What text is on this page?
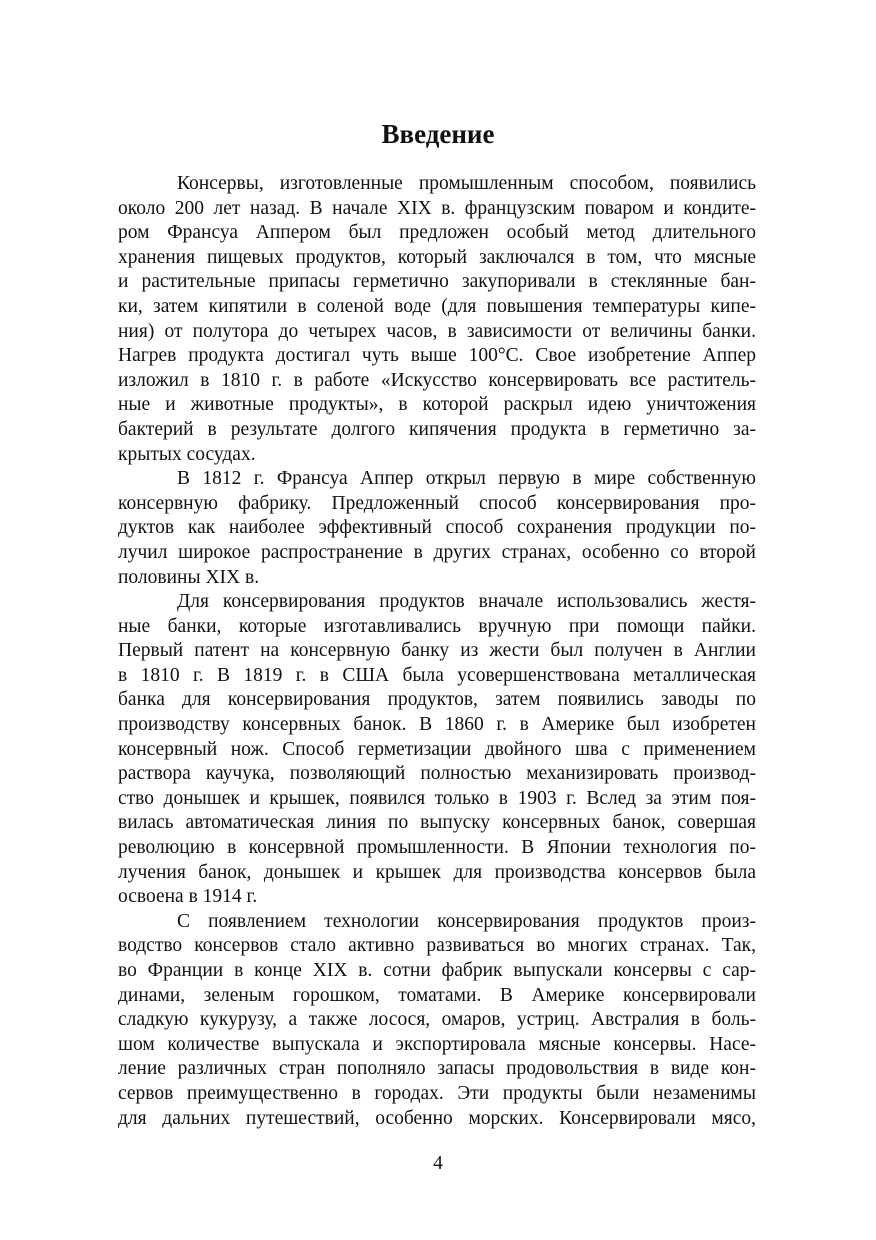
Введение
Консервы, изготовленные промышленным способом, появились
около 200 лет назад. В начале XIX в. французским поваром и кондите-
ром Франсуа Аппером был предложен особый метод длительного
хранения пищевых продуктов, который заключался в том, что мясные
и растительные припасы герметично закупоривали в стеклянные бан-
ки, затем кипятили в соленой воде (для повышения температуры кипе-
ния) от полутора до четырех часов, в зависимости от величины банки.
Нагрев продукта достигал чуть выше 100°С. Свое изобретение Аппер
изложил в 1810 г. в работе «Искусство консервировать все раститель-
ные и животные продукты», в которой раскрыл идею уничтожения
бактерий в результате долгого кипячения продукта в герметично за-
крытых сосудах.
В 1812 г. Франсуа Аппер открыл первую в мире собственную
консервную фабрику. Предложенный способ консервирования про-
дуктов как наиболее эффективный способ сохранения продукции по-
лучил широкое распространение в других странах, особенно со второй
половины XIX в.
Для консервирования продуктов вначале использовались жестя-
ные банки, которые изготавливались вручную при помощи пайки.
Первый патент на консервную банку из жести был получен в Англии
в 1810 г. В 1819 г. в США была усовершенствована металлическая
банка для консервирования продуктов, затем появились заводы по
производству консервных банок. В 1860 г. в Америке был изобретен
консервный нож. Способ герметизации двойного шва с применением
раствора каучука, позволяющий полностью механизировать производ-
ство донышек и крышек, появился только в 1903 г. Вслед за этим поя-
вилась автоматическая линия по выпуску консервных банок, совершая
революцию в консервной промышленности. В Японии технология по-
лучения банок, донышек и крышек для производства консервов была
освоена в 1914 г.
С появлением технологии консервирования продуктов произ-
водство консервов стало активно развиваться во многих странах. Так,
во Франции в конце XIX в. сотни фабрик выпускали консервы с сар-
динами, зеленым горошком, томатами. В Америке консервировали
сладкую кукурузу, а также лосося, омаров, устриц. Австралия в боль-
шом количестве выпускала и экспортировала мясные консервы. Насе-
ление различных стран пополняло запасы продовольствия в виде кон-
сервов преимущественно в городах. Эти продукты были незаменимы
для дальних путешествий, особенно морских. Консервировали мясо,
4
